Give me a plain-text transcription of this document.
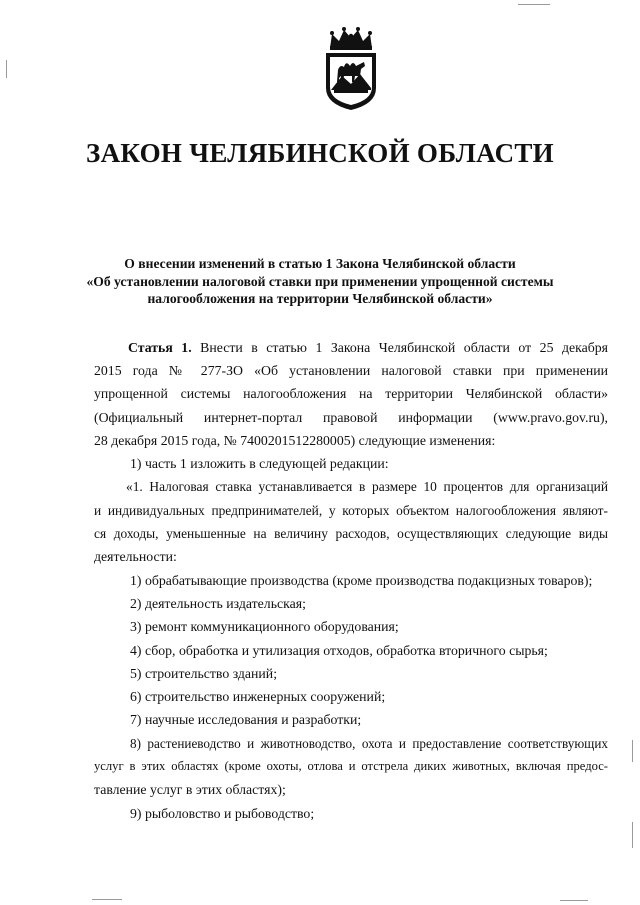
ЗАКОН ЧЕЛЯБИНСКОЙ ОБЛАСТИ
О внесении изменений в статью 1 Закона Челябинской области
«Об установлении налоговой ставки при применении упрощенной системы
налогообложения на территории Челябинской области»
Статья 1. Внести в статью 1 Закона Челябинской области от 25 декабря
2015 года № 277-ЗО «Об установлении налоговой ставки при применении
упрощенной системы налогообложения на территории Челябинской области»
(Официальный интернет-портал правовой информации (www.pravo.gov.ru),
28 декабря 2015 года, № 7400201512280005) следующие изменения:
1) часть 1 изложить в следующей редакции:
«1. Налоговая ставка устанавливается в размере 10 процентов для организаций
и индивидуальных предпринимателей, у которых объектом налогообложения являют-
ся доходы, уменьшенные на величину расходов, осуществляющих следующие виды
деятельности:
1) обрабатывающие производства (кроме производства подакцизных товаров);
2) деятельность издательская;
3) ремонт коммуникационного оборудования;
4) сбор, обработка и утилизация отходов, обработка вторичного сырья;
5) строительство зданий;
6) строительство инженерных сооружений;
7) научные исследования и разработки;
8) растениеводство и животноводство, охота и предоставление соответствующих
услуг в этих областях (кроме охоты, отлова и отстрела диких животных, включая предос-
тавление услуг в этих областях);
9) рыболовство и рыбоводство;
